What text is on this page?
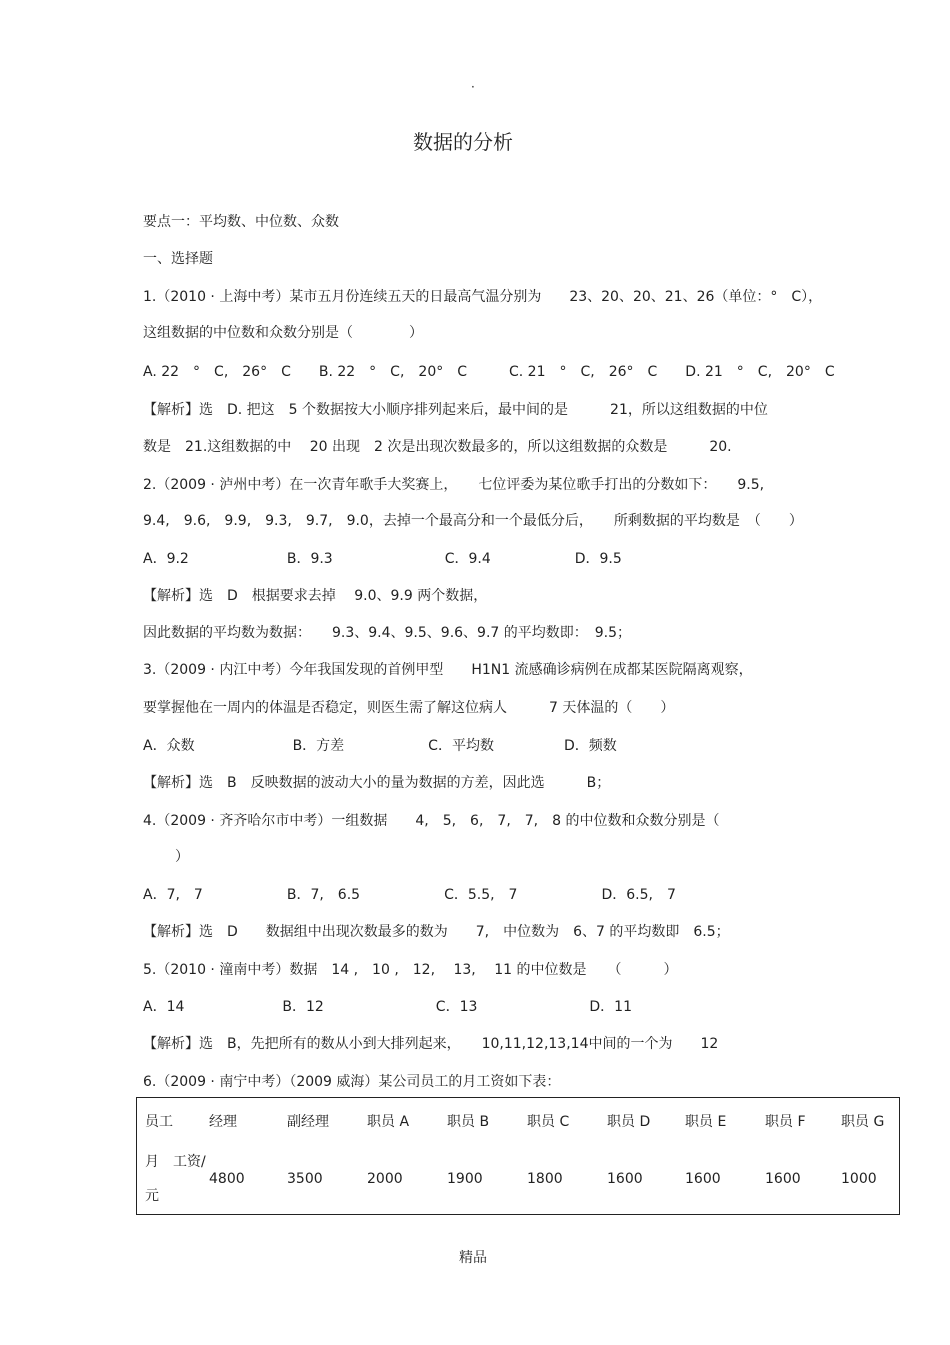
·
数据的分析
要点一：平均数、中位数、众数
一、选择题
1.（2010 · 上海中考）某市五月份连续五天的日最高气温分别为　　23、20、20、21、26（单位：°　C），
这组数据的中位数和众数分别是（　　　　）
A. 22　°　C,　26°　C　　B. 22　°　C,　20°　C　　　C. 21　°　C,　26°　C　　D. 21　°　C,　20°　C
【解析】选　D. 把这　5 个数据按大小顺序排列起来后，最中间的是　　　21，所以这组数据的中位
数是　21.这组数据的中　 20 出现　2 次是出现次数最多的，所以这组数据的众数是　　　20.
2.（2009 · 泸州中考）在一次青年歌手大奖赛上，　　七位评委为某位歌手打出的分数如下：　　9.5,
9.4,　9.6,　9.9,　9.3,　9.7,　9.0，去掉一个最高分和一个最低分后，　　所剩数据的平均数是　（　　）
A．9.2　　　　　　　B．9.3　　　　　　　　C．9.4　　　　　　D．9.5
【解析】选　D　根据要求去掉　 9.0、9.9 两个数据，
因此数据的平均数为数据：　　9.3、9.4、9.5、9.6、9.7 的平均数即：　9.5；
3.（2009 · 内江中考）今年我国发现的首例甲型　　H1N1 流感确诊病例在成都某医院隔离观察，
要掌握他在一周内的体温是否稳定，则医生需了解这位病人　　　7 天体温的（　　）
A．众数　　　　　　　B．方差　　　　　　C．平均数　　　　　D．频数
【解析】选　B　反映数据的波动大小的量为数据的方差，因此选　　　B；
4.（2009 · 齐齐哈尔市中考）一组数据　　4,　5,　6,　7,　7,　8 的中位数和众数分别是（
）
A．7,　7　　　　　　B．7,　6.5　　　　　　C．5.5,　7　　　　　　D．6.5,　7
【解析】选　D　　数据组中出现次数最多的数为　　7,　中位数为　6、7 的平均数即　6.5；
5.（2010 · 潼南中考）数据　14 ,　10 ,　12,　 13,　 11 的中位数是　　（　　　）
A．14　　　　　　　B．12　　　　　　　　C．13　　　　　　　　D．11
【解析】选　B，先把所有的数从小到大排列起来，　　10,11,12,13,14中间的一个为　　12
6.（2009 · 南宁中考）（2009 威海）某公司员工的月工资如下表：
员工	经理	副经理	职员 A	职员 B	职员 C	职员 D	职员 E	职员 F	职员 G
月　工资/ 元	4800	3500	2000	1900	1800	1600	1600	1600	1000
精品
